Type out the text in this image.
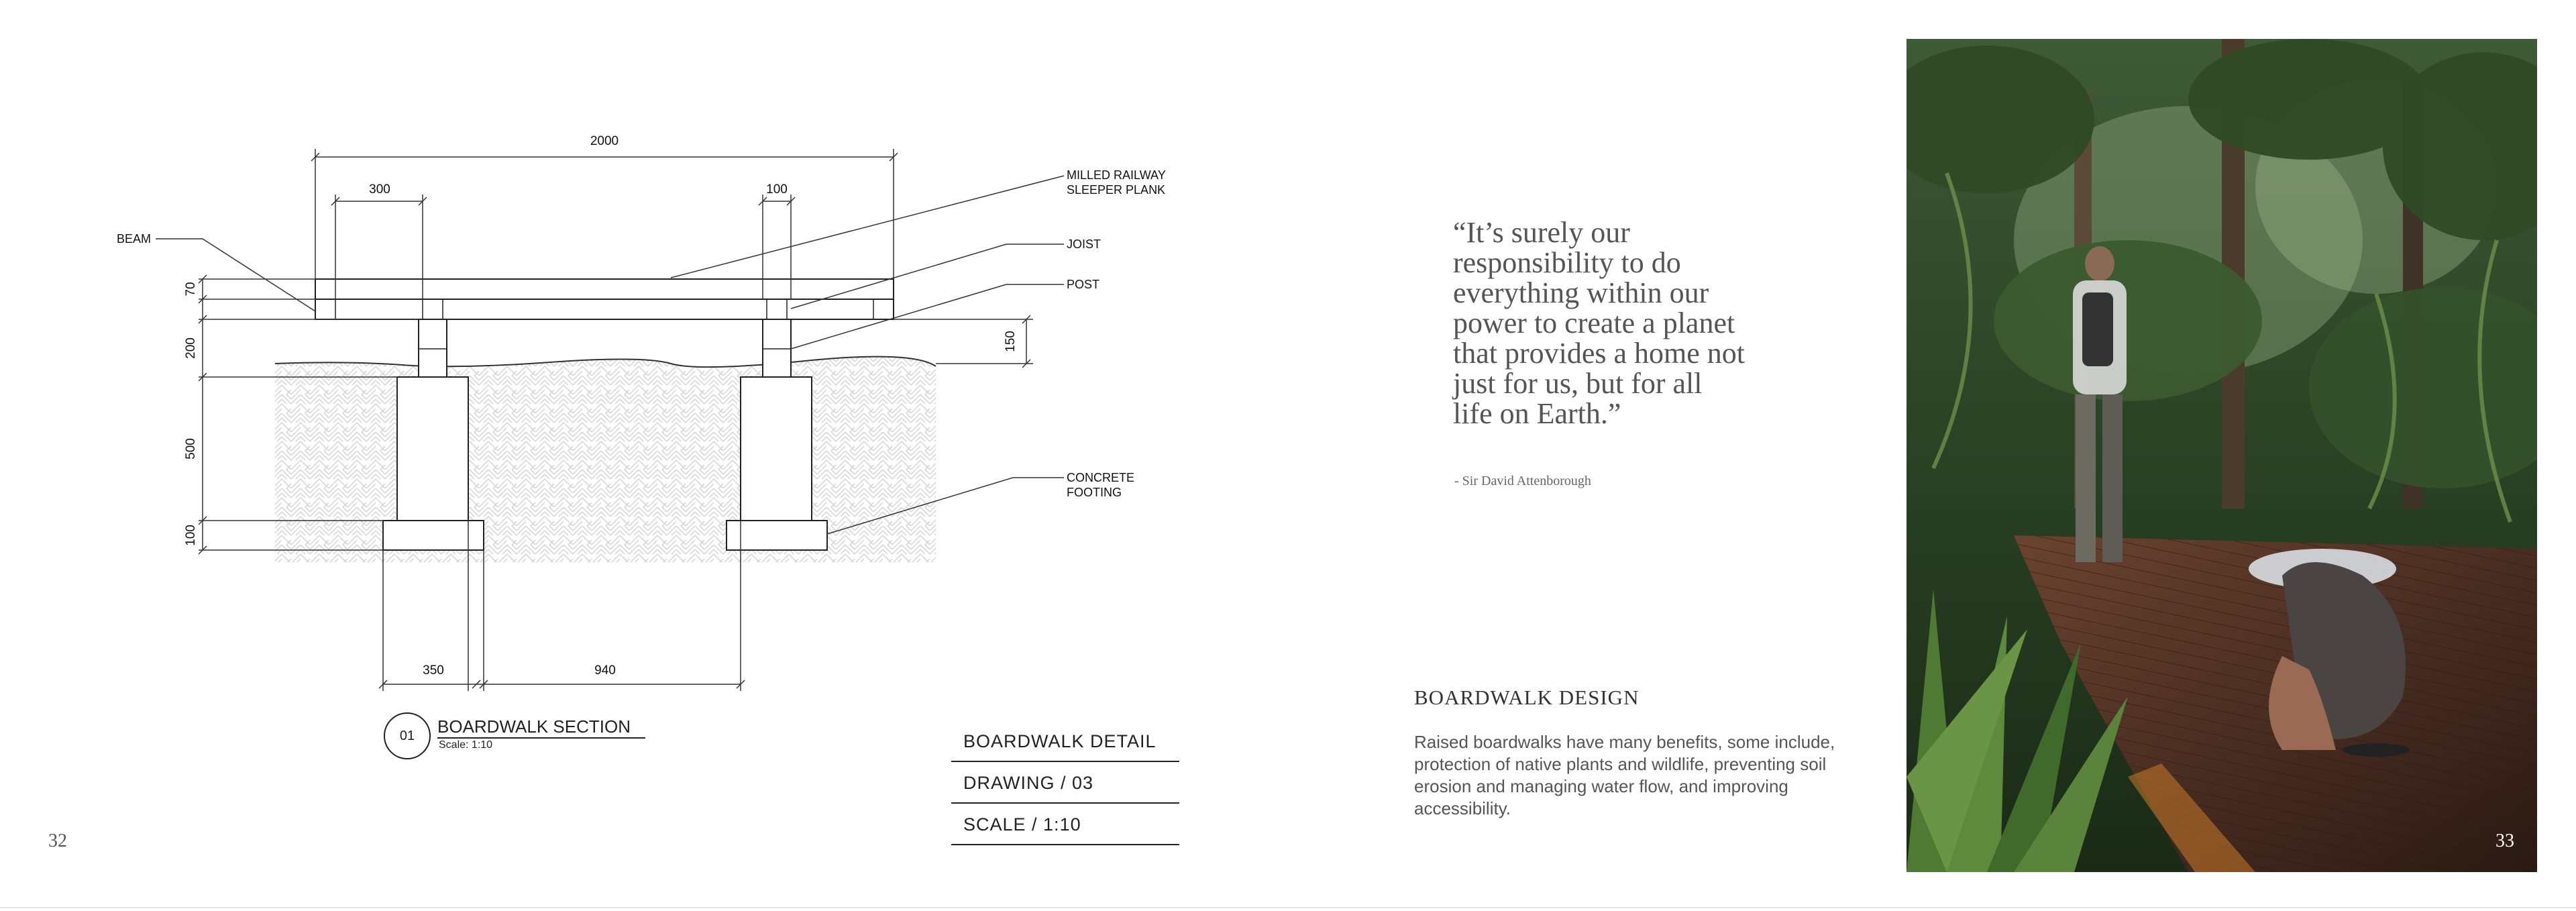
2000
300	100
70
200
500
100
150
350	940
BEAM
MILLED RAILWAY
SLEEPER PLANK
JOIST
POST
CONCRETE
FOOTING
01	BOARDWALK SECTION
Scale: 1:10	BOARDWALK DETAIL
DRAWING / 03
SCALE / 1:10
32

“It’s surely our responsibility to do everything within our power to create a planet that provides a home not just for us, but for all life on Earth.”

- Sir David Attenborough
BOARDWALK DESIGN

Raised boardwalks have many benefits, some include, protection of native plants and wildlife, preventing soil erosion and managing water flow, and improving accessibility.

33
